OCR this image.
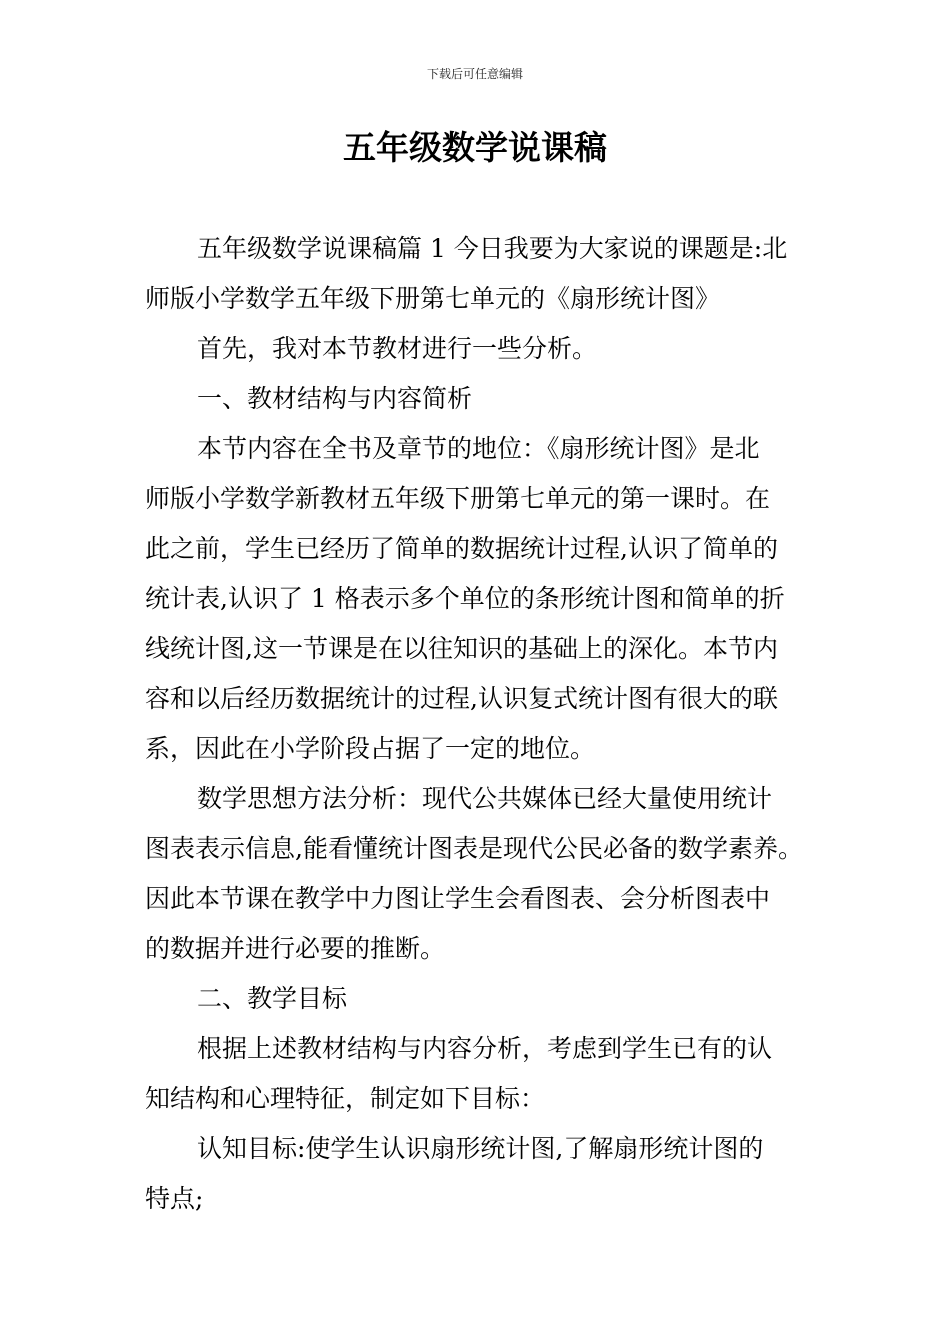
下载后可任意编辑
五年级数学说课稿

五年级数学说课稿篇 1 今日我要为大家说的课题是:北
师版小学数学五年级下册第七单元的《扇形统计图》

首先，我对本节教材进行一些分析。

一、教材结构与内容简析

本节内容在全书及章节的地位：《扇形统计图》是北
师版小学数学新教材五年级下册第七单元的第一课时。在
此之前，学生已经历了简单的数据统计过程,认识了简单的
统计表,认识了 1 格表示多个单位的条形统计图和简单的折
线统计图,这一节课是在以往知识的基础上的深化。本节内
容和以后经历数据统计的过程,认识复式统计图有很大的联
系，因此在小学阶段占据了一定的地位。

数学思想方法分析：现代公共媒体已经大量使用统计
图表表示信息,能看懂统计图表是现代公民必备的数学素养。
因此本节课在教学中力图让学生会看图表、会分析图表中
的数据并进行必要的推断。

二、教学目标

根据上述教材结构与内容分析，考虑到学生已有的认
知结构和心理特征，制定如下目标：

认知目标:使学生认识扇形统计图,了解扇形统计图的
特点;
